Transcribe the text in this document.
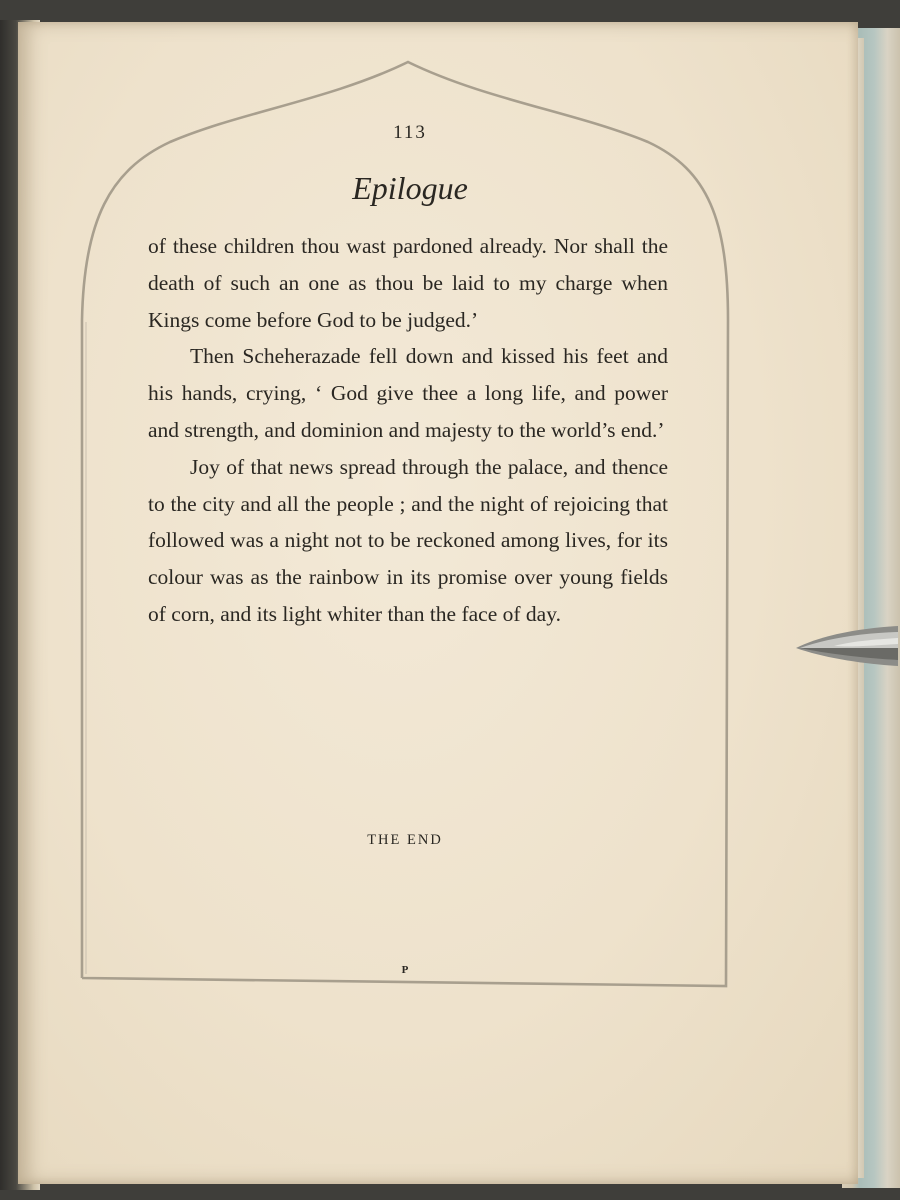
113
Epilogue

of these children thou wast pardoned already. Nor shall the death of such an one as thou be laid to my charge when Kings come before God to be judged.’

Then Scheherazade fell down and kissed his feet and his hands, crying, ‘ God give thee a long life, and power and strength, and dominion and majesty to the world’s end.’

Joy of that news spread through the palace, and thence to the city and all the people ; and the night of rejoicing that followed was a night not to be reckoned among lives, for its colour was as the rainbow in its promise over young fields of corn, and its light whiter than the face of day.

THE END
P
